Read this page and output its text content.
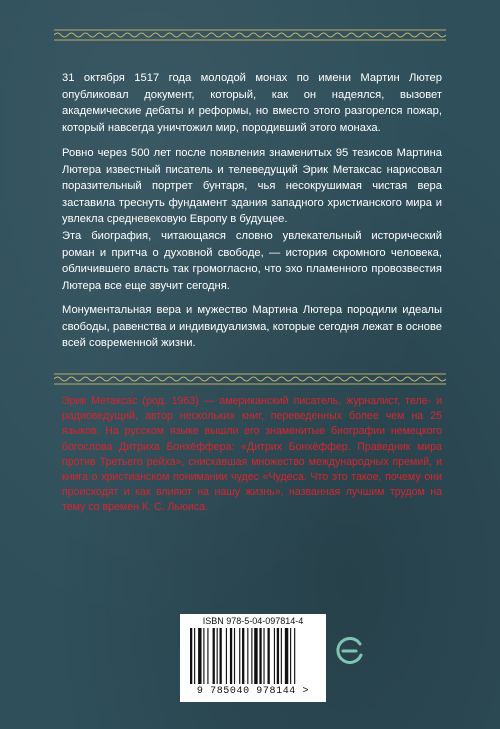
31 октября 1517 года молодой монах по имени Мартин Лютер опубликовал документ, который, как он надеялся, вызовет академические дебаты и реформы, но вместо этого разгорелся пожар, который навсегда уничтожил мир, породивший этого монаха.
Ровно через 500 лет после появления знаменитых 95 тезисов Мартина Лютера известный писатель и телеведущий Эрик Метаксас нарисовал поразительный портрет бунтаря, чья несокрушимая чистая вера заставила треснуть фундамент здания западного христианского мира и увлекла средневековую Европу в будущее.
Эта биография, читающаяся словно увлекательный исторический роман и притча о духовной свободе, — история скромного человека, обличившего власть так громогласно, что эхо пламенного провозвестия Лютера все еще звучит сегодня.
Монументальная вера и мужество Мартина Лютера породили идеалы свободы, равенства и индивидуализма, которые сегодня лежат в основе всей современной жизни.
Эрик Метаксас (род. 1963) — американский писатель, журналист, теле- и радиоведущий, автор нескольких книг, переведенных более чем на 25 языков. На русском языке вышли его знаменитые биографии немецкого богослова Дитриха Бонхёффера: «Дитрих Бонхёффер. Праведник мира против Третьего рейха», снискавшая множество международных премий, и книга о христианском понимании чудес «Чудеса. Что это такое, почему они происходят и как влияют на нашу жизнь», названная лучшим трудом на тему со времен К. С. Льюиса.
ISBN 978-5-04-097814-4
9 785040 978144 >
